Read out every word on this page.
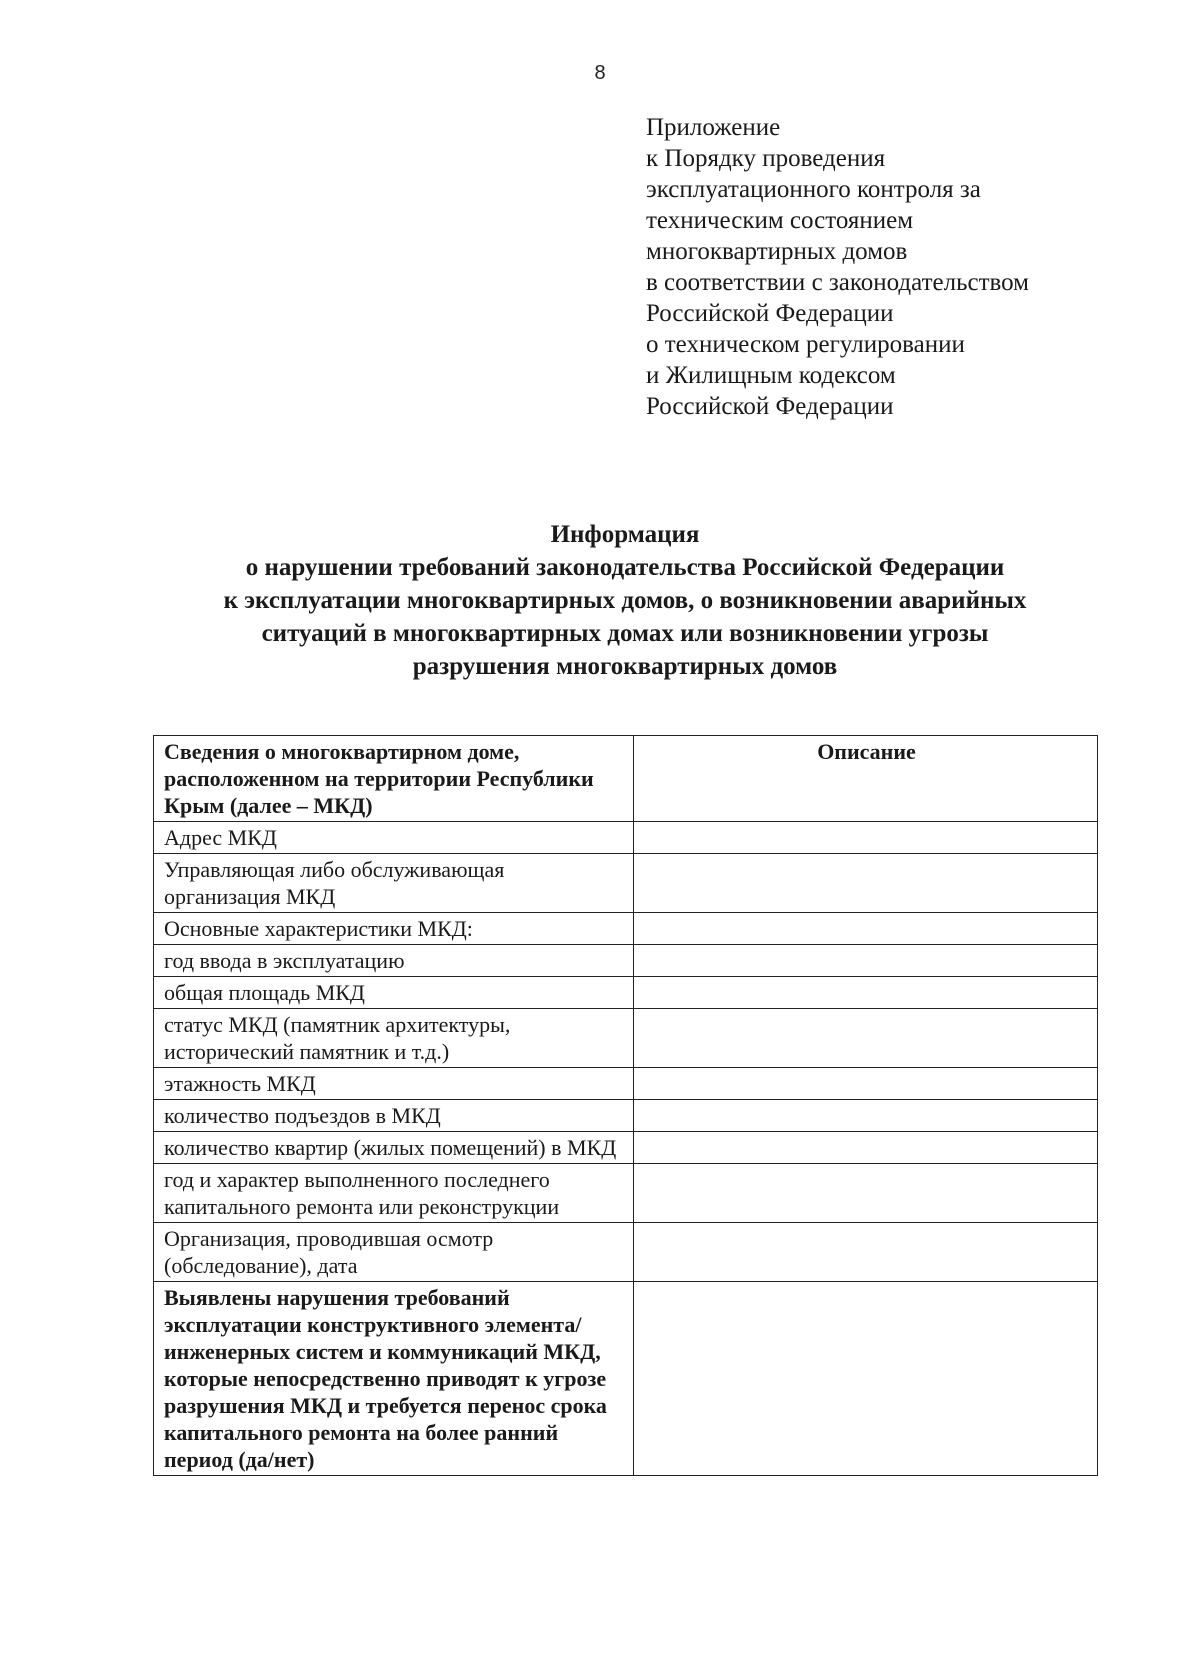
8
Приложение
к Порядку проведения
эксплуатационного контроля за
техническим состоянием
многоквартирных домов
в соответствии с законодательством
Российской Федерации
о техническом регулировании
и Жилищным кодексом
Российской Федерации
Информация
о нарушении требований законодательства Российской Федерации
к эксплуатации многоквартирных домов, о возникновении аварийных
ситуаций в многоквартирных домах или возникновении угрозы
разрушения многоквартирных домов
Сведения о многоквартирном доме, расположенном на территории Республики Крым (далее – МКД)	Описание
Адрес МКД	
Управляющая либо обслуживающая организация МКД	
Основные характеристики МКД:	
год ввода в эксплуатацию	
общая площадь МКД	
статус МКД (памятник архитектуры, исторический памятник и т.д.)	
этажность МКД	
количество подъездов в МКД	
количество квартир (жилых помещений) в МКД	
год и характер выполненного последнего капитального ремонта или реконструкции	
Организация, проводившая осмотр (обследование), дата	
Выявлены нарушения требований эксплуатации конструктивного элемента/инженерных систем и коммуникаций МКД, которые непосредственно приводят к угрозе разрушения МКД и требуется перенос срока капитального ремонта на более ранний период (да/нет)	
